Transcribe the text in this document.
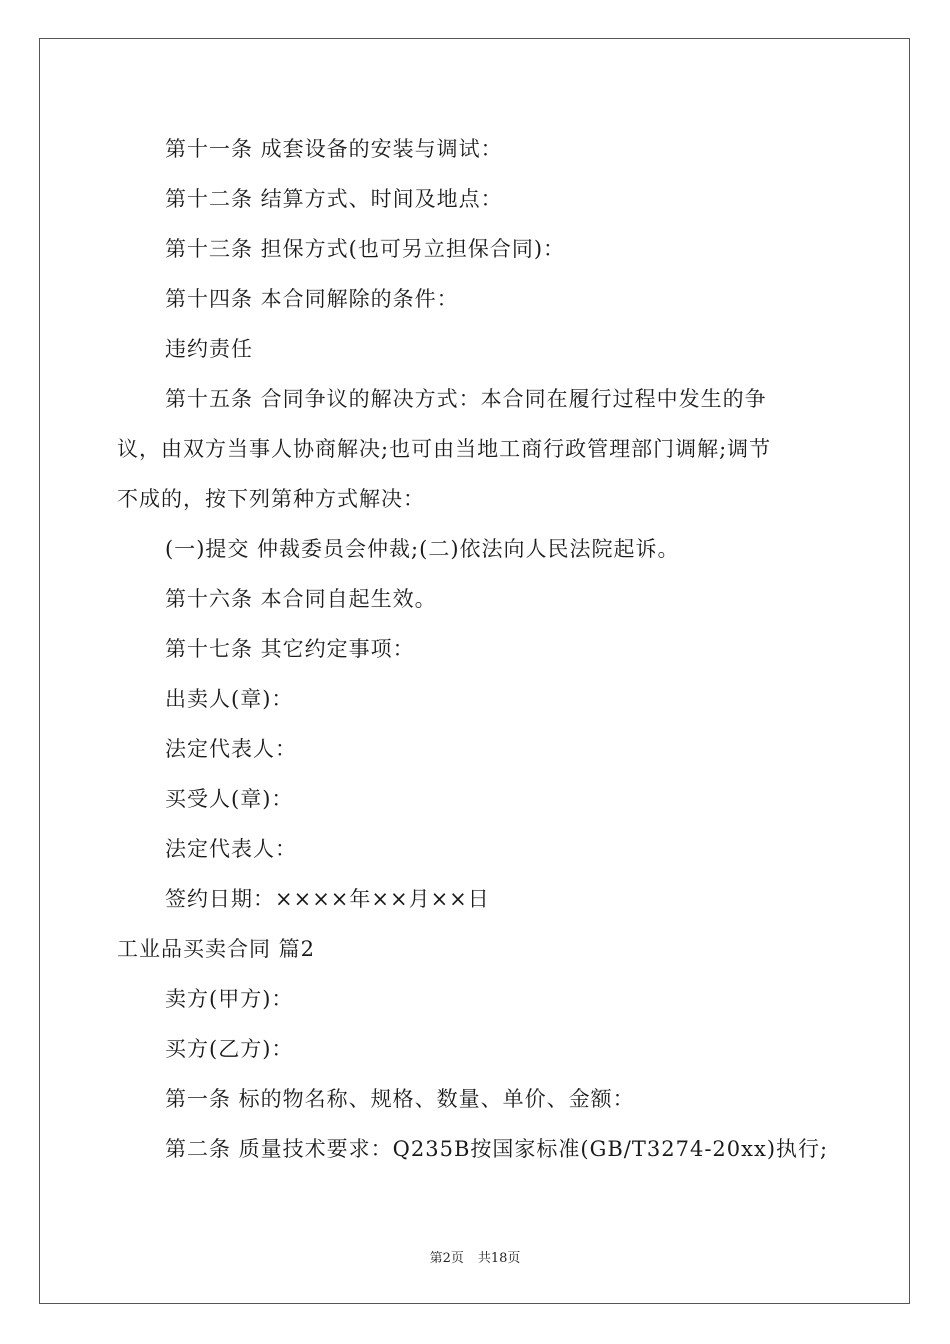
第十一条 成套设备的安装与调试：
第十二条 结算方式、时间及地点：
第十三条 担保方式(也可另立担保合同)：
第十四条 本合同解除的条件：
违约责任
第十五条 合同争议的解决方式：本合同在履行过程中发生的争
议，由双方当事人协商解决;也可由当地工商行政管理部门调解;调节
不成的，按下列第种方式解决：
(一)提交 仲裁委员会仲裁;(二)依法向人民法院起诉。
第十六条 本合同自起生效。
第十七条 其它约定事项：
出卖人(章)：
法定代表人：
买受人(章)：
法定代表人：
签约日期：××××年××月××日
工业品买卖合同 篇2
卖方(甲方)：
买方(乙方)：
第一条 标的物名称、规格、数量、单价、金额：
第二条 质量技术要求：Q235B按国家标准(GB/T3274-20xx)执行;
第2页 共18页
